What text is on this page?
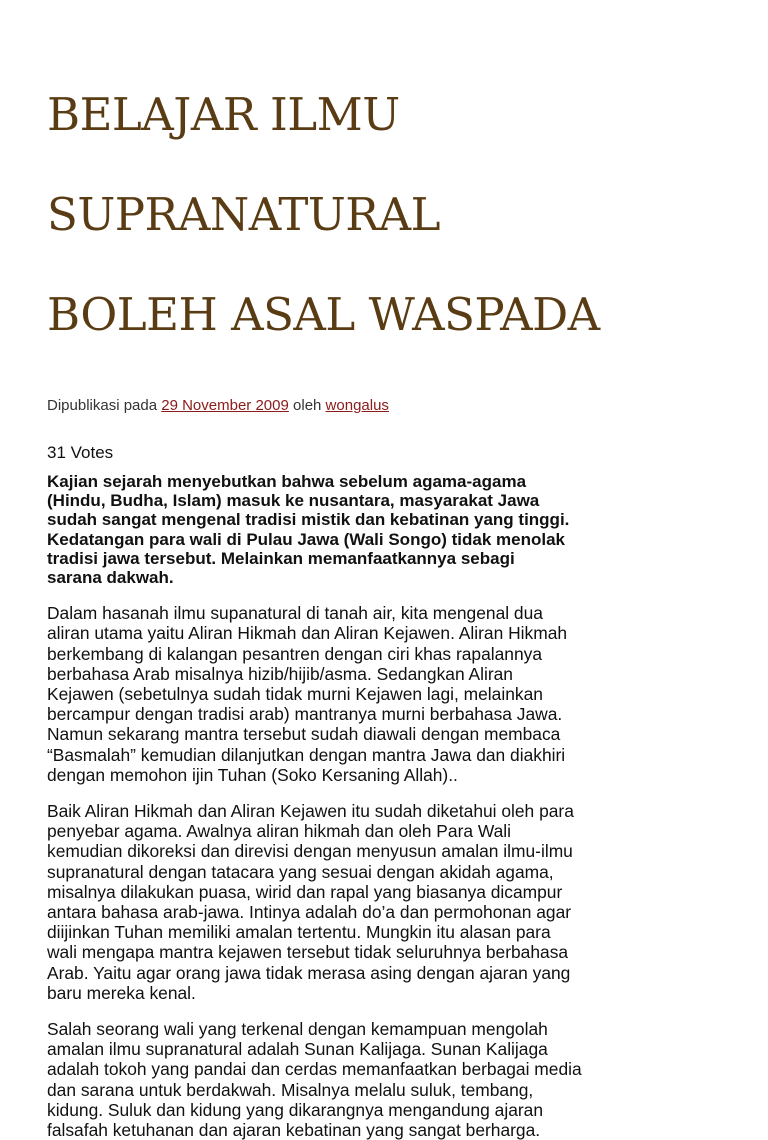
BELAJAR ILMU

SUPRANATURAL

BOLEH ASAL WASPADA

Dipublikasi pada 29 November 2009 oleh wongalus
31 Votes

Kajian sejarah menyebutkan bahwa sebelum agama-agama
(Hindu, Budha, Islam) masuk ke nusantara, masyarakat Jawa
sudah sangat mengenal tradisi mistik dan kebatinan yang tinggi.
Kedatangan para wali di Pulau Jawa (Wali Songo) tidak menolak
tradisi jawa tersebut. Melainkan memanfaatkannya sebagi
sarana dakwah.

Dalam hasanah ilmu supanatural di tanah air, kita mengenal dua
aliran utama yaitu Aliran Hikmah dan Aliran Kejawen. Aliran Hikmah
berkembang di kalangan pesantren dengan ciri khas rapalannya
berbahasa Arab misalnya hizib/hijib/asma. Sedangkan Aliran
Kejawen (sebetulnya sudah tidak murni Kejawen lagi, melainkan
bercampur dengan tradisi arab) mantranya murni berbahasa Jawa.
Namun sekarang mantra tersebut sudah diawali dengan membaca
“Basmalah” kemudian dilanjutkan dengan mantra Jawa dan diakhiri
dengan memohon ijin Tuhan (Soko Kersaning Allah)..

Baik Aliran Hikmah dan Aliran Kejawen itu sudah diketahui oleh para
penyebar agama. Awalnya aliran hikmah dan oleh Para Wali
kemudian dikoreksi dan direvisi dengan menyusun amalan ilmu-ilmu
supranatural dengan tatacara yang sesuai dengan akidah agama,
misalnya dilakukan puasa, wirid dan rapal yang biasanya dicampur
antara bahasa arab-jawa. Intinya adalah do’a dan permohonan agar
diijinkan Tuhan memiliki amalan tertentu. Mungkin itu alasan para
wali mengapa mantra kejawen tersebut tidak seluruhnya berbahasa
Arab. Yaitu agar orang jawa tidak merasa asing dengan ajaran yang
baru mereka kenal.

Salah seorang wali yang terkenal dengan kemampuan mengolah
amalan ilmu supranatural adalah Sunan Kalijaga. Sunan Kalijaga
adalah tokoh yang pandai dan cerdas memanfaatkan berbagai media
dan sarana untuk berdakwah. Misalnya melalu suluk, tembang,
kidung. Suluk dan kidung yang dikarangnya mengandung ajaran
falsafah ketuhanan dan ajaran kebatinan yang sangat berharga.
